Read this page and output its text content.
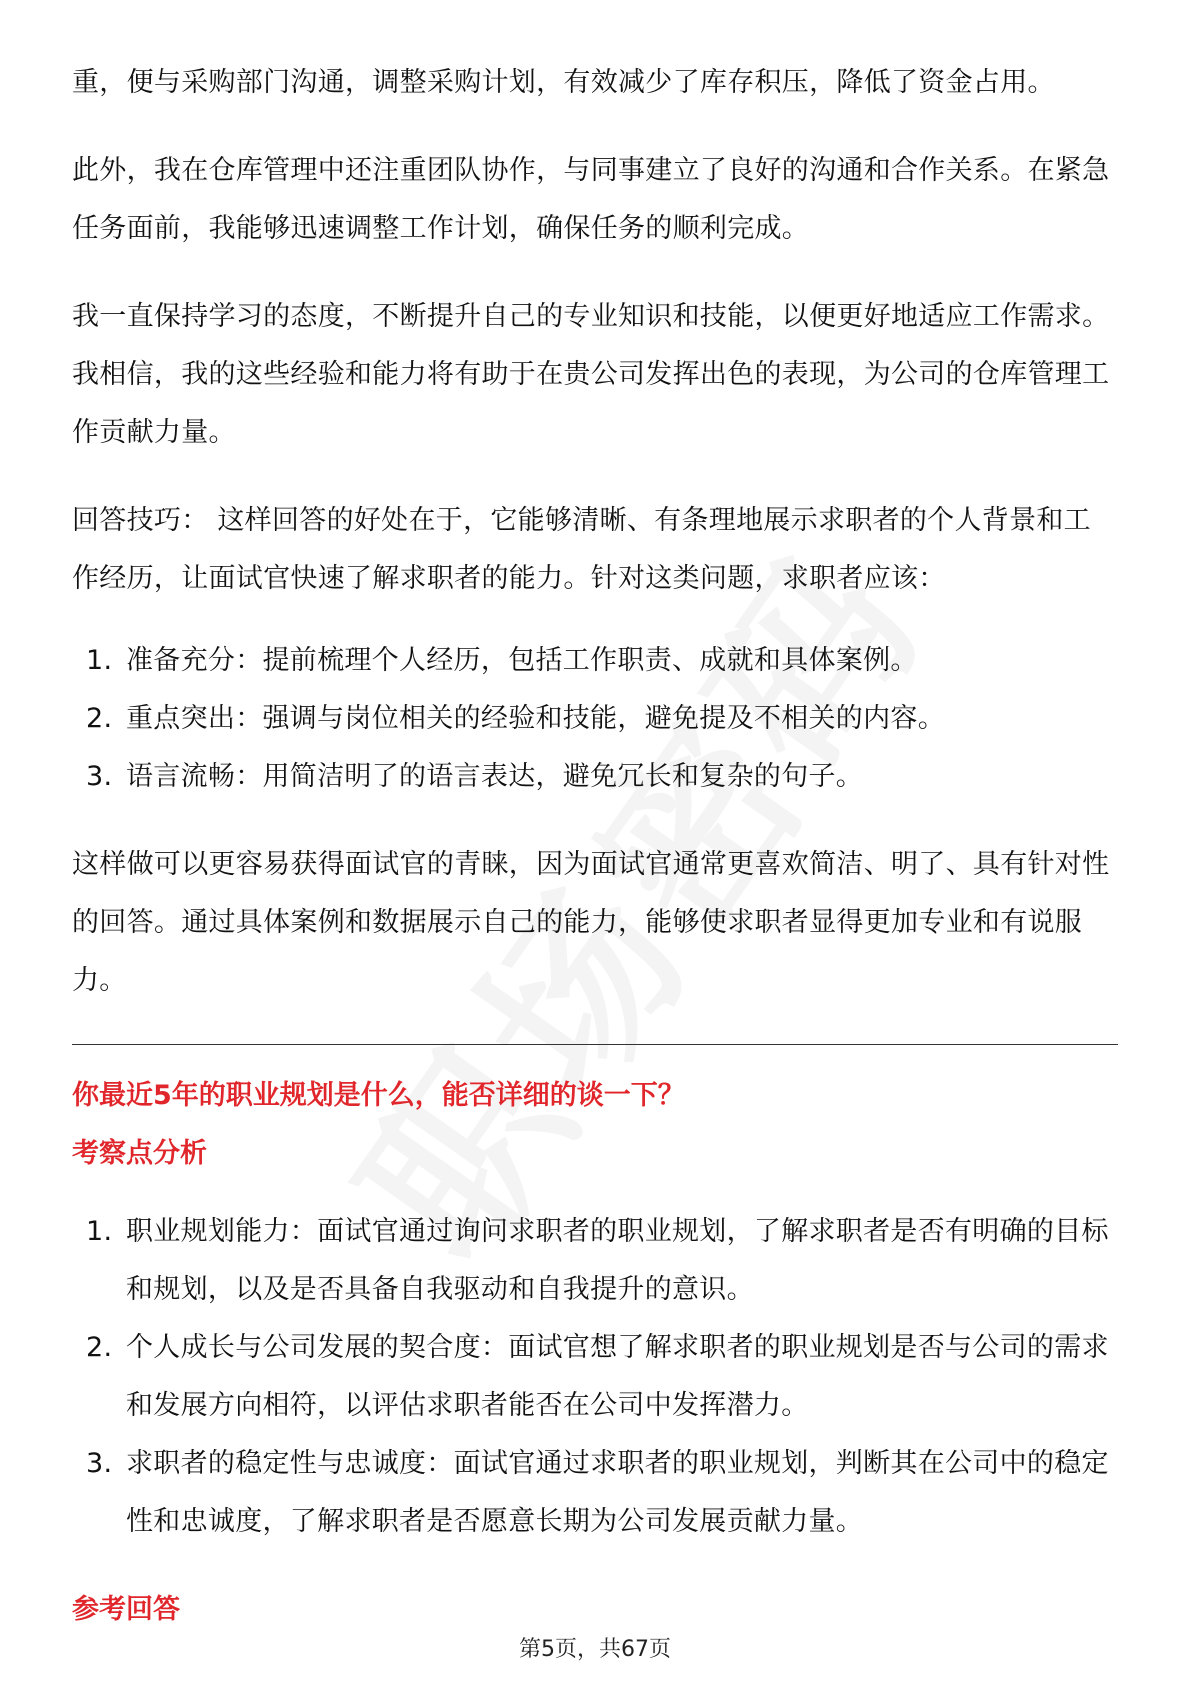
重，便与采购部门沟通，调整采购计划，有效减少了库存积压，降低了资金占用。

此外，我在仓库管理中还注重团队协作，与同事建立了良好的沟通和合作关系。在紧急任务面前，我能够迅速调整工作计划，确保任务的顺利完成。

我一直保持学习的态度，不断提升自己的专业知识和技能，以便更好地适应工作需求。我相信，我的这些经验和能力将有助于在贵公司发挥出色的表现，为公司的仓库管理工作贡献力量。

回答技巧： 这样回答的好处在于，它能够清晰、有条理地展示求职者的个人背景和工作经历，让面试官快速了解求职者的能力。针对这类问题，求职者应该：

1. 准备充分：提前梳理个人经历，包括工作职责、成就和具体案例。
2. 重点突出：强调与岗位相关的经验和技能，避免提及不相关的内容。
3. 语言流畅：用简洁明了的语言表达，避免冗长和复杂的句子。

这样做可以更容易获得面试官的青睐，因为面试官通常更喜欢简洁、明了、具有针对性的回答。通过具体案例和数据展示自己的能力，能够使求职者显得更加专业和有说服力。

你最近5年的职业规划是什么，能否详细的谈一下？
考察点分析
1. 职业规划能力：面试官通过询问求职者的职业规划，了解求职者是否有明确的目标和规划，以及是否具备自我驱动和自我提升的意识。
2. 个人成长与公司发展的契合度：面试官想了解求职者的职业规划是否与公司的需求和发展方向相符，以评估求职者能否在公司中发挥潜力。
3. 求职者的稳定性与忠诚度：面试官通过求职者的职业规划，判断其在公司中的稳定性和忠诚度，了解求职者是否愿意长期为公司发展贡献力量。
参考回答
第5页，共67页
